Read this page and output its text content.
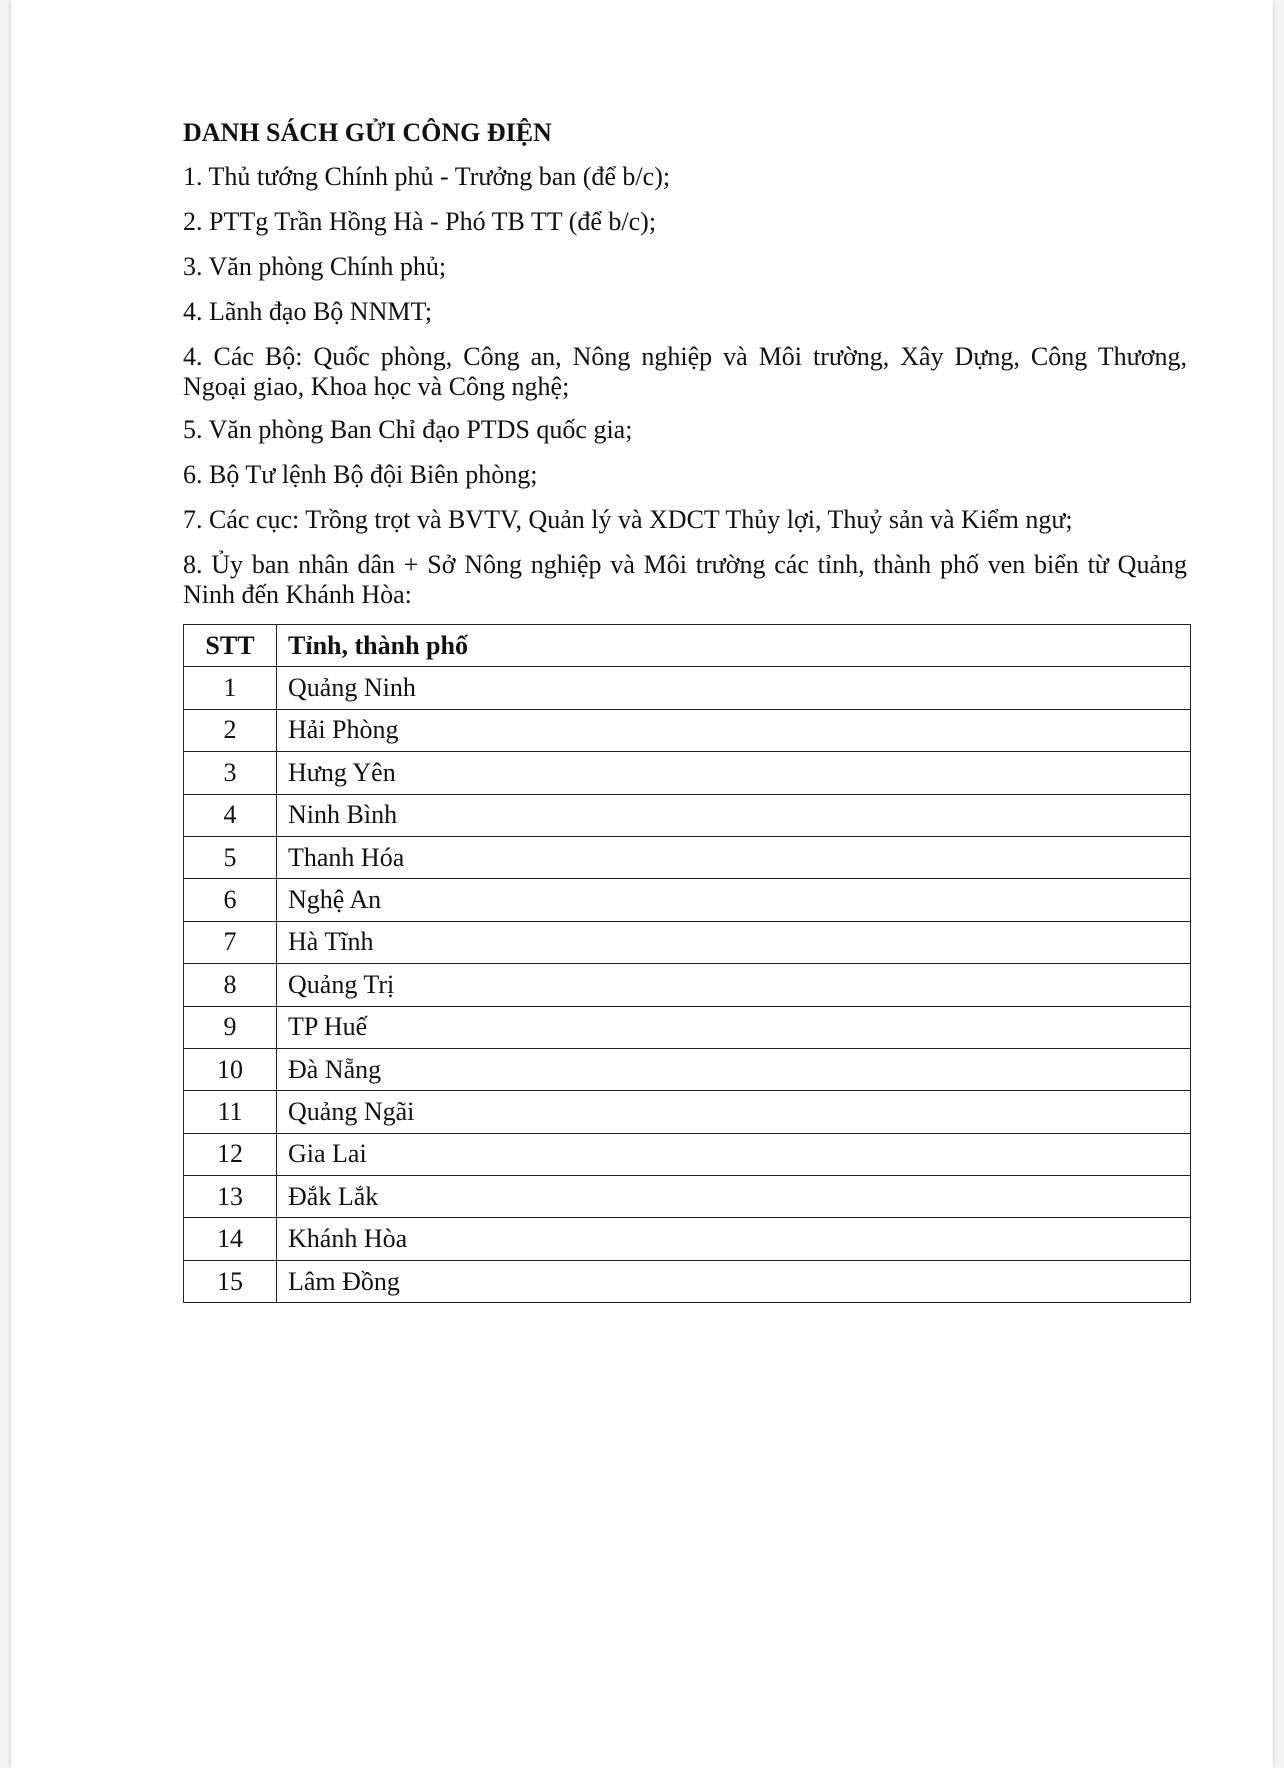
DANH SÁCH GỬI CÔNG ĐIỆN
1. Thủ tướng Chính phủ - Trưởng ban (để b/c);
2. PTTg Trần Hồng Hà - Phó TB TT (để b/c);
3. Văn phòng Chính phủ;
4. Lãnh đạo Bộ NNMT;
4. Các Bộ: Quốc phòng, Công an, Nông nghiệp và Môi trường, Xây Dựng, Công Thương, Ngoại giao, Khoa học và Công nghệ;
5. Văn phòng Ban Chỉ đạo PTDS quốc gia;
6. Bộ Tư lệnh Bộ đội Biên phòng;
7. Các cục: Trồng trọt và BVTV, Quản lý và XDCT Thủy lợi, Thuỷ sản và Kiểm ngư;
8. Ủy ban nhân dân + Sở Nông nghiệp và Môi trường các tỉnh, thành phố ven biển từ Quảng Ninh đến Khánh Hòa:
STT	Tỉnh, thành phố
1	Quảng Ninh
2	Hải Phòng
3	Hưng Yên
4	Ninh Bình
5	Thanh Hóa
6	Nghệ An
7	Hà Tĩnh
8	Quảng Trị
9	TP Huế
10	Đà Nẵng
11	Quảng Ngãi
12	Gia Lai
13	Đắk Lắk
14	Khánh Hòa
15	Lâm Đồng
